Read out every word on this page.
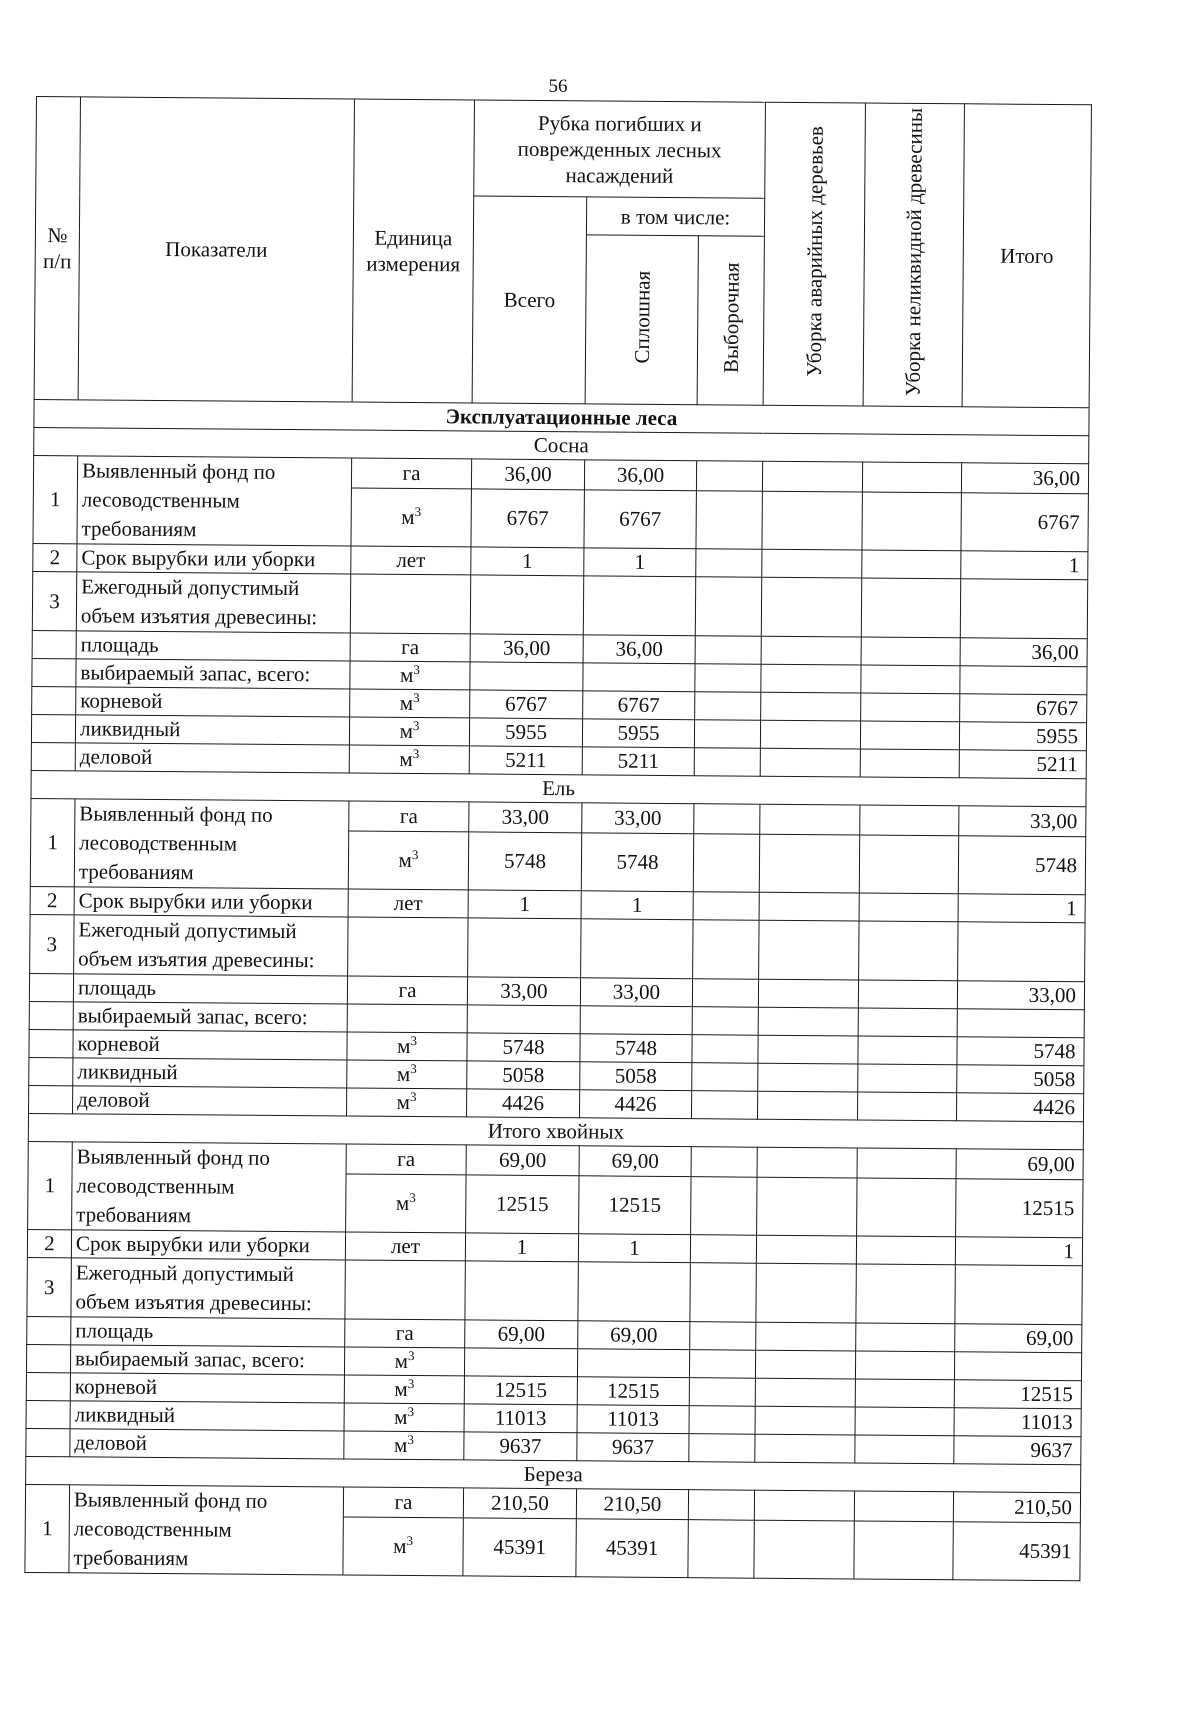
56
№ п/п	Показатели	Единица измерения	Рубка погибших и поврежденных лесных насаждений			Уборка аварийных деревьев	Уборка неликвидной древесины	Итого
			Всего	в том числе:				
				Сплошная	Выборочная			
Эксплуатационные леса								
Сосна								
1	Выявленный фонд по лесоводственным требованиям	га	36,00	36,00				36,00
		$м^3$	6767	6767				6767
2	Срок вырубки или уборки	лет	1	1				1
3	Ежегодный допустимый объем изъятия древесины:							
	площадь	га	36,00	36,00				36,00
	выбираемый запас, всего:	$м^3$						
	корневой	$м^3$	6767	6767				6767
	ликвидный	$м^3$	5955	5955				5955
	деловой	$м^3$	5211	5211				5211
Ель								
1	Выявленный фонд по лесоводственным требованиям	га	33,00	33,00				33,00
		$м^3$	5748	5748				5748
2	Срок вырубки или уборки	лет	1	1				1
3	Ежегодный допустимый объем изъятия древесины:							
	площадь	га	33,00	33,00				33,00
	выбираемый запас, всего:							
	корневой	$м^3$	5748	5748				5748
	ликвидный	$м^3$	5058	5058				5058
	деловой	$м^3$	4426	4426				4426
Итого хвойных								
1	Выявленный фонд по лесоводственным требованиям	га	69,00	69,00				69,00
		$м^3$	12515	12515				12515
2	Срок вырубки или уборки	лет	1	1				1
3	Ежегодный допустимый объем изъятия древесины:							
	площадь	га	69,00	69,00				69,00
	выбираемый запас, всего:	$м^3$						
	корневой	$м^3$	12515	12515				12515
	ликвидный	$м^3$	11013	11013				11013
	деловой	$м^3$	9637	9637				9637
Береза								
1	Выявленный фонд по лесоводственным требованиям	га	210,50	210,50				210,50
		$м^3$	45391	45391				45391
